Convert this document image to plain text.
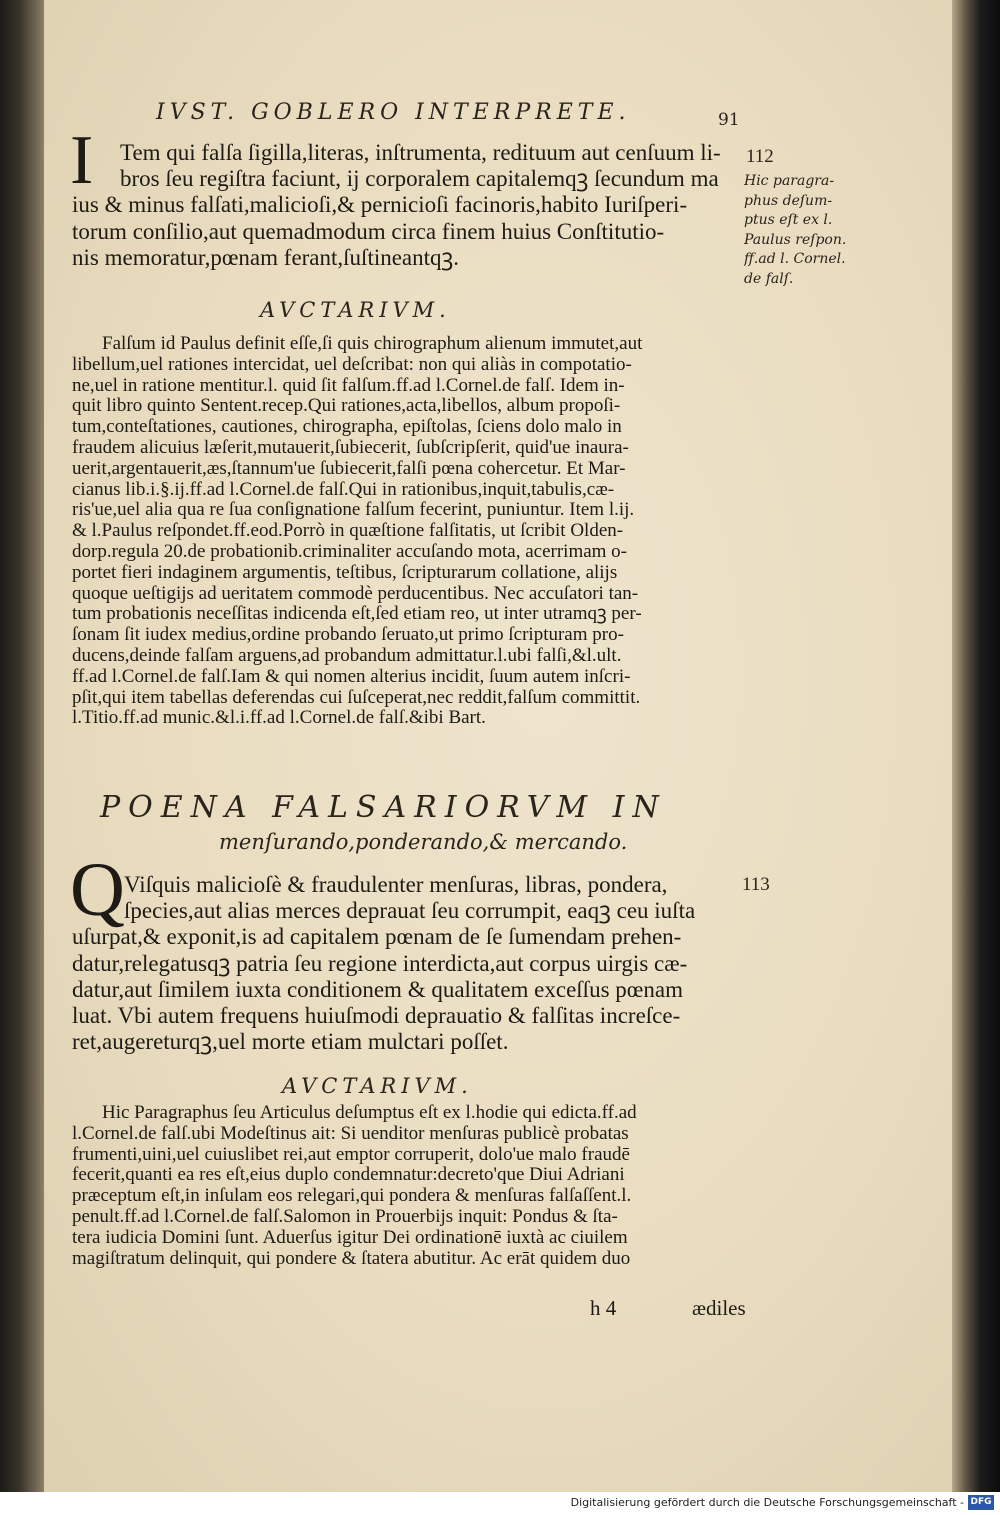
IVST. GOBLERO INTERPRETE.	91
I	Tem qui falſa ſigilla,literas, inſtrumenta, redituum aut cenſuum li-
bros ſeu regiſtra faciunt, ij corporalem capitalemqꝫ ſecundum ma
ius & minus falſati,malicioſi,& pernicioſi facinoris,habito Iuriſperi-
torum conſilio,aut quemadmodum circa finem huius Conſtitutio-
nis memoratur,pœnam ferant,ſuſtineantqꝫ.
AVCTARIVM.
Falſum id Paulus definit eſſe,ſi quis chirographum alienum immutet,aut
libellum,uel rationes intercidat, uel deſcribat: non qui aliàs in compotatio-
ne,uel in ratione mentitur.l. quid ſit falſum.ff.ad l.Cornel.de falſ. Idem in-
quit libro quinto Sentent.recep.Qui rationes,acta,libellos, album propoſi-
tum,conteſtationes, cautiones, chirographa, epiſtolas, ſciens dolo malo in
fraudem alicuius læſerit,mutauerit,ſubiecerit, ſubſcripſerit, quid'ue inaura-
uerit,argentauerit,æs,ſtannum'ue ſubiecerit,falſi pœna cohercetur. Et Mar-
cianus lib.i.§.ij.ff.ad l.Cornel.de falſ.Qui in rationibus,inquit,tabulis,cæ-
ris'ue,uel alia qua re ſua conſignatione falſum fecerint, puniuntur. Item l.ij.
& l.Paulus reſpondet.ff.eod.Porrò in quæſtione falſitatis, ut ſcribit Olden-
dorp.regula 20.de probationib.criminaliter accuſando mota, acerrimam o-
portet fieri indaginem argumentis, teſtibus, ſcripturarum collatione, alijs
quoque ueſtigijs ad ueritatem commodè perducentibus. Nec accuſatori tan-
tum probationis neceſſitas indicenda eſt,ſed etiam reo, ut inter utramqꝫ per-
ſonam ſit iudex medius,ordine probando ſeruato,ut primo ſcripturam pro-
ducens,deinde falſam arguens,ad probandum admittatur.l.ubi falſi,&l.ult.
ff.ad l.Cornel.de falſ.Iam & qui nomen alterius incidit, ſuum autem inſcri-
pſit,qui item tabellas deferendas cui ſuſceperat,nec reddit,falſum committit.
l.Titio.ff.ad munic.&l.i.ff.ad l.Cornel.de falſ.&ibi Bart.
POENA FALSARIORVM IN
menſurando,ponderando,& mercando.
Q Viſquis malicioſè & fraudulenter menſuras, libras, pondera,
ſpecies,aut alias merces deprauat ſeu corrumpit, eaqꝫ ceu iuſta
uſurpat,& exponit,is ad capitalem pœnam de ſe ſumendam prehen-
datur,relegatusqꝫ patria ſeu regione interdicta,aut corpus uirgis cæ-
datur,aut ſimilem iuxta conditionem & qualitatem exceſſus pœnam
luat. Vbi autem frequens huiuſmodi deprauatio & falſitas increſce-
ret,augereturqꝫ,uel morte etiam mulctari poſſet.
AVCTARIVM.
Hic Paragraphus ſeu Articulus deſumptus eſt ex l.hodie qui edicta.ff.ad
l.Cornel.de falſ.ubi Modeſtinus ait: Si uenditor menſuras publicè probatas
frumenti,uini,uel cuiuslibet rei,aut emptor corruperit, dolo'ue malo fraudē
fecerit,quanti ea res eſt,eius duplo condemnatur:decreto'que Diui Adriani
præceptum eſt,in inſulam eos relegari,qui pondera & menſuras falſaſſent.l.
penult.ff.ad l.Cornel.de falſ.Salomon in Prouerbijs inquit: Pondus & ſta-
tera iudicia Domini ſunt. Aduerſus igitur Dei ordinationē iuxtà ac ciuilem
magiſtratum delinquit, qui pondere & ſtatera abutitur. Ac erāt quidem duo
h 4	ædiles
112
Hic paragra-
phus deſum-
ptus eſt ex l.
Paulus reſpon.
ff.ad l. Cornel.
de falſ.
113
Digitalisierung gefördert durch die Deutsche Forschungsgemeinschaft - DFG
